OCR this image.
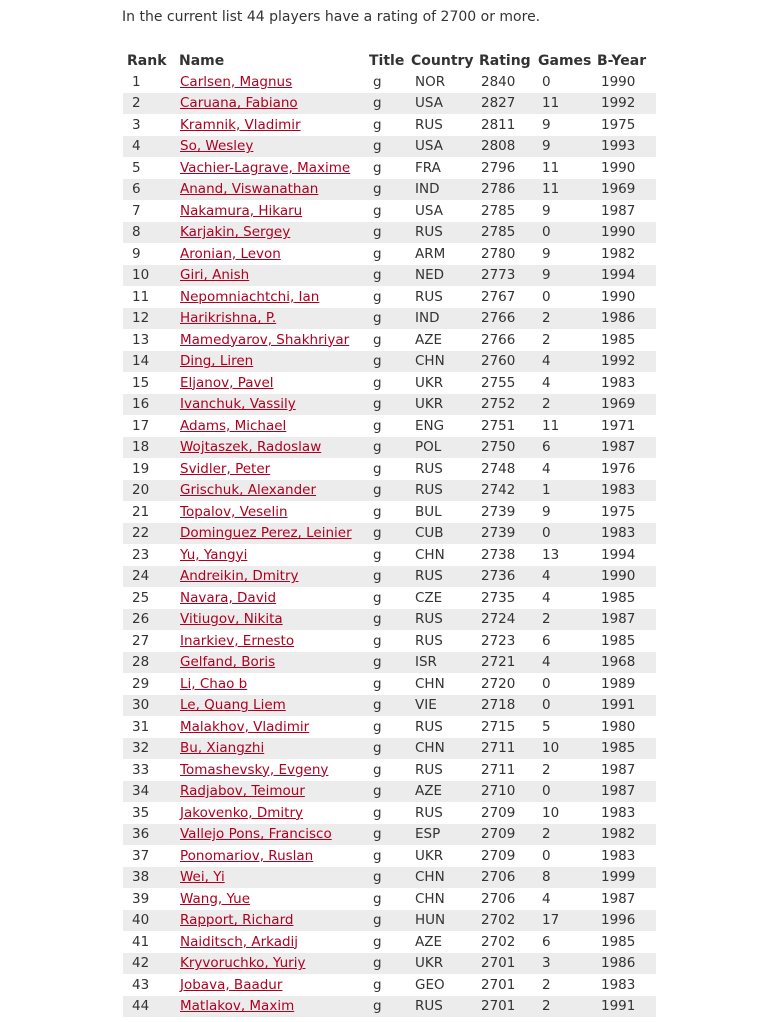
In the current list 44 players have a rating of 2700 or more.
Rank	Name	Title	Country	Rating	Games	B-Year
1	Carlsen, Magnus	g	NOR	2840	0	1990
2	Caruana, Fabiano	g	USA	2827	11	1992
3	Kramnik, Vladimir	g	RUS	2811	9	1975
4	So, Wesley	g	USA	2808	9	1993
5	Vachier-Lagrave, Maxime	g	FRA	2796	11	1990
6	Anand, Viswanathan	g	IND	2786	11	1969
7	Nakamura, Hikaru	g	USA	2785	9	1987
8	Karjakin, Sergey	g	RUS	2785	0	1990
9	Aronian, Levon	g	ARM	2780	9	1982
10	Giri, Anish	g	NED	2773	9	1994
11	Nepomniachtchi, Ian	g	RUS	2767	0	1990
12	Harikrishna, P.	g	IND	2766	2	1986
13	Mamedyarov, Shakhriyar	g	AZE	2766	2	1985
14	Ding, Liren	g	CHN	2760	4	1992
15	Eljanov, Pavel	g	UKR	2755	4	1983
16	Ivanchuk, Vassily	g	UKR	2752	2	1969
17	Adams, Michael	g	ENG	2751	11	1971
18	Wojtaszek, Radoslaw	g	POL	2750	6	1987
19	Svidler, Peter	g	RUS	2748	4	1976
20	Grischuk, Alexander	g	RUS	2742	1	1983
21	Topalov, Veselin	g	BUL	2739	9	1975
22	Dominguez Perez, Leinier	g	CUB	2739	0	1983
23	Yu, Yangyi	g	CHN	2738	13	1994
24	Andreikin, Dmitry	g	RUS	2736	4	1990
25	Navara, David	g	CZE	2735	4	1985
26	Vitiugov, Nikita	g	RUS	2724	2	1987
27	Inarkiev, Ernesto	g	RUS	2723	6	1985
28	Gelfand, Boris	g	ISR	2721	4	1968
29	Li, Chao b	g	CHN	2720	0	1989
30	Le, Quang Liem	g	VIE	2718	0	1991
31	Malakhov, Vladimir	g	RUS	2715	5	1980
32	Bu, Xiangzhi	g	CHN	2711	10	1985
33	Tomashevsky, Evgeny	g	RUS	2711	2	1987
34	Radjabov, Teimour	g	AZE	2710	0	1987
35	Jakovenko, Dmitry	g	RUS	2709	10	1983
36	Vallejo Pons, Francisco	g	ESP	2709	2	1982
37	Ponomariov, Ruslan	g	UKR	2709	0	1983
38	Wei, Yi	g	CHN	2706	8	1999
39	Wang, Yue	g	CHN	2706	4	1987
40	Rapport, Richard	g	HUN	2702	17	1996
41	Naiditsch, Arkadij	g	AZE	2702	6	1985
42	Kryvoruchko, Yuriy	g	UKR	2701	3	1986
43	Jobava, Baadur	g	GEO	2701	2	1983
44	Matlakov, Maxim	g	RUS	2701	2	1991
